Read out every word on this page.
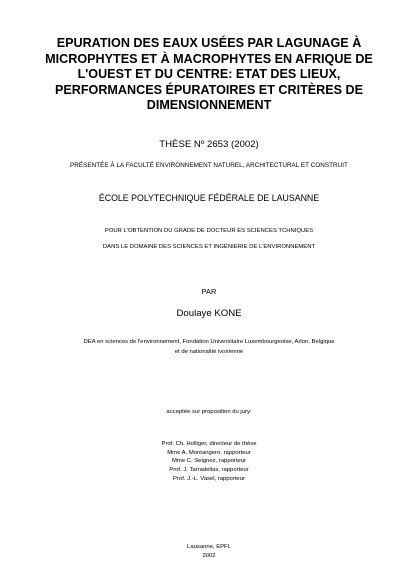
EPURATION DES EAUX USÉES PAR LAGUNAGE À
MICROPHYTES ET À MACROPHYTES EN AFRIQUE DE
L'OUEST ET DU CENTRE: ETAT DES LIEUX,
PERFORMANCES ÉPURATOIRES ET CRITÈRES DE
DIMENSIONNEMENT

THÈSE Nº 2653 (2002)

PRÉSENTÉE À LA FACULTÉ ENVIRONNEMENT NATUREL, ARCHITECTURAL ET CONSTRUIT

ÉCOLE POLYTECHNIQUE FÉDÉRALE DE LAUSANNE

POUR L'OBTENTION DU GRADE DE DOCTEUR ÈS SCIENCES TCHNIQUES
DANS LE DOMAINE DES SCIENCES ET INGÉNIERIE DE L'ENVIRONNEMENT

PAR

Doulaye KONE

DEA en sciences de l'environnement, Fondation Universitaire Luxembourgeoise, Arlon, Belgique
et de nationalité ivoirienne

acceptée sur proposition du jury:

Prof. Ch. Holliger, directeur de thèse
Mme A. Montangero, rapporteur
Mme C. Seignez, rapporteur
Prof. J. Tarradellas, rapporteur
Prof. J.-L. Vasel, rapporteur

Lausanne, EPFL
2002
